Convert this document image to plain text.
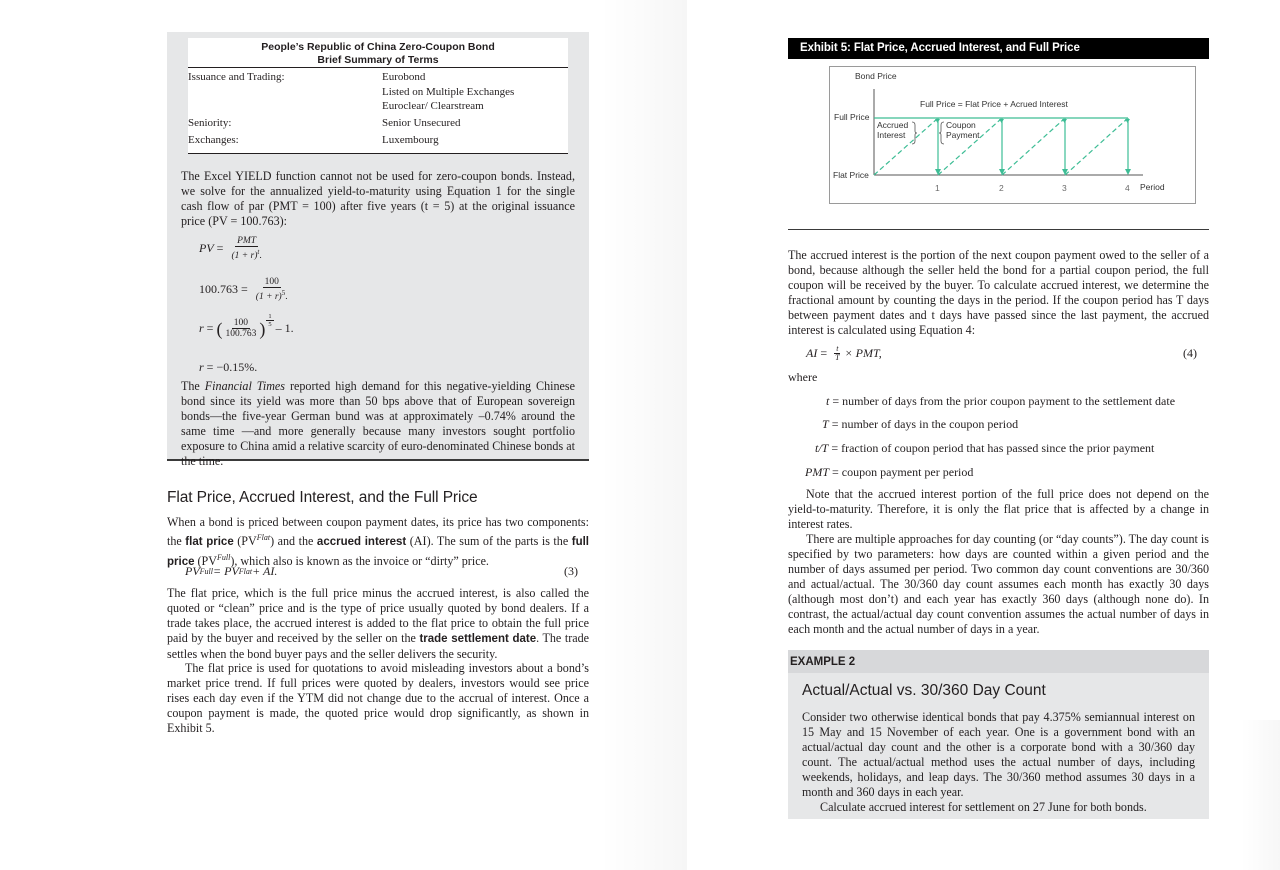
People’s Republic of China Zero-Coupon Bond
Brief Summary of Terms
Issuance and Trading:	Eurobond
Listed on Multiple Exchanges
Euroclear/ Clearstream
Seniority:	Senior Unsecured
Exchanges:	Luxembourg
The Excel YIELD function cannot not be used for zero-coupon bonds. Instead, we solve for the annualized yield-to-maturity using Equation 1 for the single cash flow of par (PMT = 100) after five years (t = 5) at the original issuance price (PV = 100.763):
PV = $\frac{\text{PMT}}{(1 + r)^t.}$
$100.763 = \frac{100}{(1 + r)^5.}$
r = ( $\frac{100}{100.763}$ ) $\frac{1}{5} - 1$.
r = −0.15%.
The Financial Times reported high demand for this negative-yielding Chinese bond since its yield was more than 50 bps above that of European sovereign bonds—the five-year German bund was at approximately –0.74% around the same time —and more generally because many investors sought portfolio exposure to China amid a relative scarcity of euro-denominated Chinese bonds at the time.
Flat Price, Accrued Interest, and the Full Price
When a bond is priced between coupon payment dates, its price has two components: the flat price $(PV^{Flat})$ and the accrued interest (AI). The sum of the parts is the full price $(PV^{Full})$, which also is known as the invoice or “dirty” price.
PV Full = PV Flat + AI.	(3)
The flat price, which is the full price minus the accrued interest, is also called the quoted or “clean” price and is the type of price usually quoted by bond dealers. If a trade takes place, the accrued interest is added to the flat price to obtain the full price paid by the buyer and received by the seller on the trade settlement date. The trade settles when the bond buyer pays and the seller delivers the security.
The flat price is used for quotations to avoid misleading investors about a bond’s market price trend. If full prices were quoted by dealers, investors would see price rises each day even if the YTM did not change due to the accrual of interest. Once a coupon payment is made, the quoted price would drop significantly, as shown in Exhibit 5.
Exhibit 5: Flat Price, Accrued Interest, and Full Price
Bond Price
Full Price = Flat Price + Acrued Interest
Full Price
Flat Price
Accrued
Interest
Coupon
Payment
1	2	3	4 Period
The accrued interest is the portion of the next coupon payment owed to the seller of a bond, because although the seller held the bond for a partial coupon period, the full coupon will be received by the buyer. To calculate accrued interest, we determine the fractional amount by counting the days in the period. If the coupon period has T days between payment dates and t days have passed since the last payment, the accrued interest is calculated using Equation 4:
AI = $\frac{t}{T}$ × PMT,	(4)
where
t = number of days from the prior coupon payment to the settlement date
T = number of days in the coupon period
t/T = fraction of coupon period that has passed since the prior payment
PMT = coupon payment per period
Note that the accrued interest portion of the full price does not depend on the yield-to-maturity. Therefore, it is only the flat price that is affected by a change in interest rates.
There are multiple approaches for day counting (or “day counts”). The day count is specified by two parameters: how days are counted within a given period and the number of days assumed per period. Two common day count conventions are 30/360 and actual/actual. The 30/360 day count assumes each month has exactly 30 days (although most don’t) and each year has exactly 360 days (although none do). In contrast, the actual/actual day count convention assumes the actual number of days in each month and the actual number of days in a year.
EXAMPLE 2
Actual/Actual vs. 30/360 Day Count
Consider two otherwise identical bonds that pay 4.375% semiannual interest on 15 May and 15 November of each year. One is a government bond with an actual/actual day count and the other is a corporate bond with a 30/360 day count. The actual/actual method uses the actual number of days, including weekends, holidays, and leap days. The 30/360 method assumes 30 days in a month and 360 days in each year.
Calculate accrued interest for settlement on 27 June for both bonds.
